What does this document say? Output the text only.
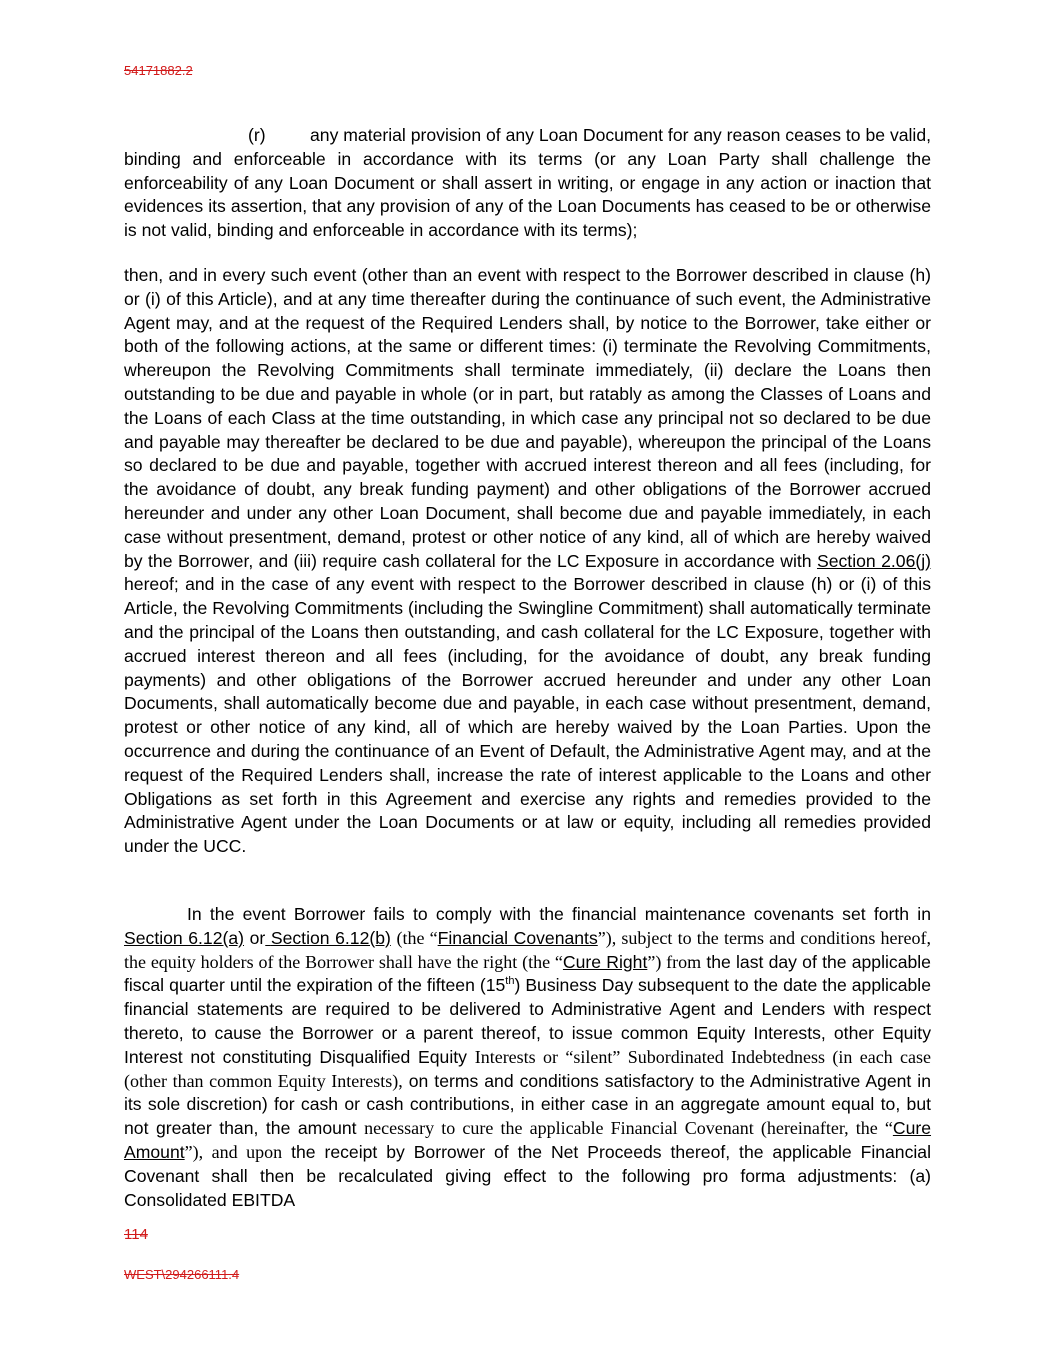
54171882.2

(r)	any material provision of any Loan Document for any reason ceases to be valid, binding and enforceable in accordance with its terms (or any Loan Party shall challenge the enforceability of any Loan Document or shall assert in writing, or engage in any action or inaction that evidences its assertion, that any provision of any of the Loan Documents has ceased to be or otherwise is not valid, binding and enforceable in accordance with its terms);

then, and in every such event (other than an event with respect to the Borrower described in clause (h) or (i) of this Article), and at any time thereafter during the continuance of such event, the Administrative Agent may, and at the request of the Required Lenders shall, by notice to the Borrower, take either or both of the following actions, at the same or different times: (i) terminate the Revolving Commitments, whereupon the Revolving Commitments shall terminate immediately, (ii) declare the Loans then outstanding to be due and payable in whole (or in part, but ratably as among the Classes of Loans and the Loans of each Class at the time outstanding, in which case any principal not so declared to be due and payable may thereafter be declared to be due and payable), whereupon the principal of the Loans so declared to be due and payable, together with accrued interest thereon and all fees (including, for the avoidance of doubt, any break funding payment) and other obligations of the Borrower accrued hereunder and under any other Loan Document, shall become due and payable immediately, in each case without presentment, demand, protest or other notice of any kind, all of which are hereby waived by the Borrower, and (iii) require cash collateral for the LC Exposure in accordance with Section 2.06(j) hereof; and in the case of any event with respect to the Borrower described in clause (h) or (i) of this Article, the Revolving Commitments (including the Swingline Commitment) shall automatically terminate and the principal of the Loans then outstanding, and cash collateral for the LC Exposure, together with accrued interest thereon and all fees (including, for the avoidance of doubt, any break funding payments) and other obligations of the Borrower accrued hereunder and under any other Loan Documents, shall automatically become due and payable, in each case without presentment, demand, protest or other notice of any kind, all of which are hereby waived by the Loan Parties. Upon the occurrence and during the continuance of an Event of Default, the Administrative Agent may, and at the request of the Required Lenders shall, increase the rate of interest applicable to the Loans and other Obligations as set forth in this Agreement and exercise any rights and remedies provided to the Administrative Agent under the Loan Documents or at law or equity, including all remedies provided under the UCC.

In the event Borrower fails to comply with the financial maintenance covenants set forth in Section 6.12(a) or Section 6.12(b) (the “Financial Covenants”), subject to the terms and conditions hereof, the equity holders of the Borrower shall have the right (the “Cure Right”) from the last day of the applicable fiscal quarter until the expiration of the fifteen (15th) Business Day subsequent to the date the applicable financial statements are required to be delivered to Administrative Agent and Lenders with respect thereto, to cause the Borrower or a parent thereof, to issue common Equity Interests, other Equity Interest not constituting Disqualified Equity Interests or “silent” Subordinated Indebtedness (in each case (other than common Equity Interests), on terms and conditions satisfactory to the Administrative Agent in its sole discretion) for cash or cash contributions, in either case in an aggregate amount equal to, but not greater than, the amount necessary to cure the applicable Financial Covenant (hereinafter, the “Cure Amount”), and upon the receipt by Borrower of the Net Proceeds thereof, the applicable Financial Covenant shall then be recalculated giving effect to the following pro forma adjustments: (a) Consolidated EBITDA

114
WEST\294266111.4
